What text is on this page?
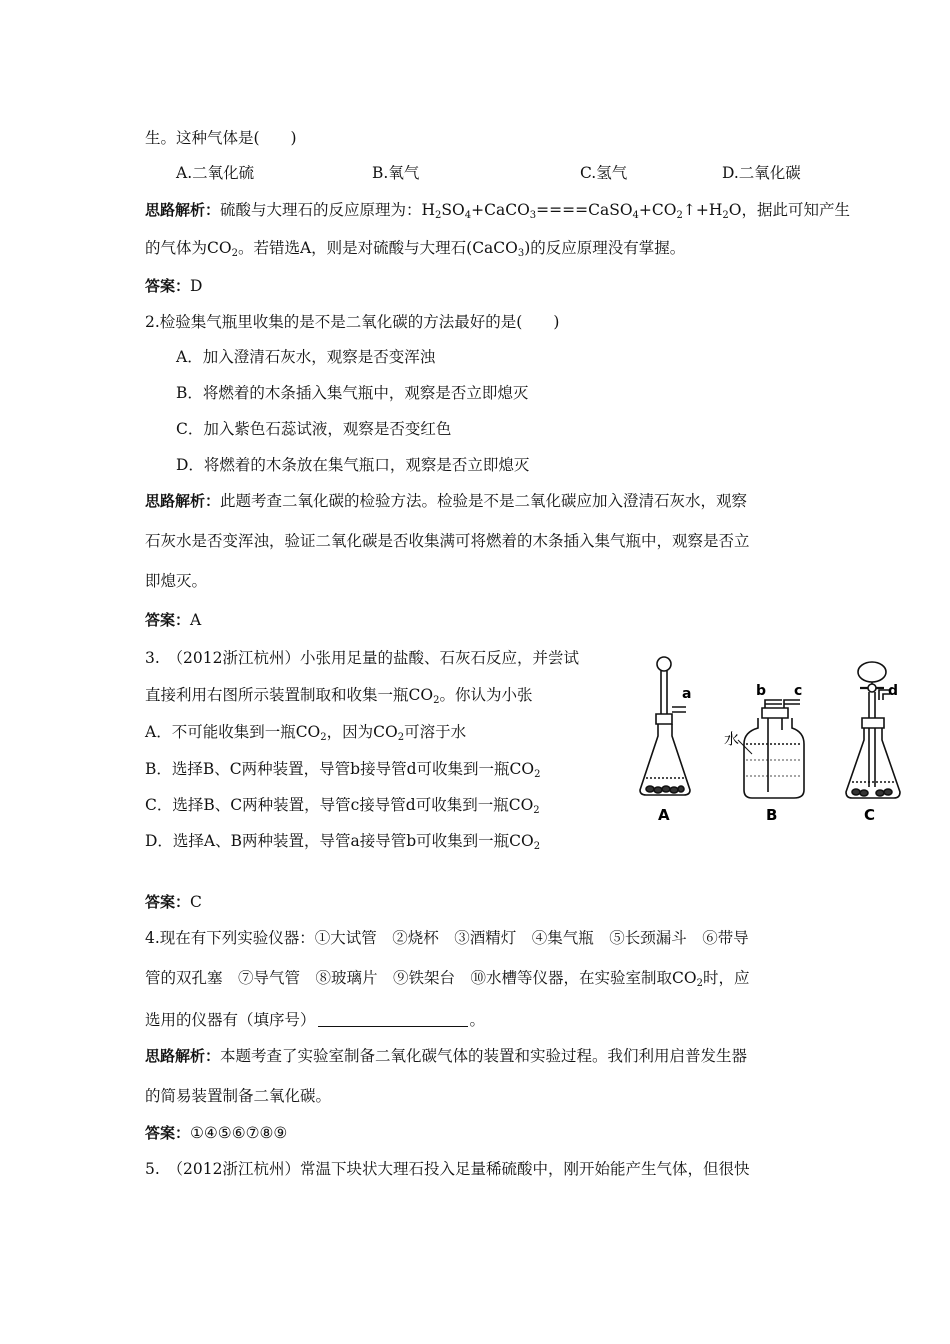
生。这种气体是(　　)
A.二氧化硫	B.氧气	C.氢气	D.二氧化碳
思路解析：硫酸与大理石的反应原理为：$H_2SO_4+CaCO_3====CaSO_4+CO_2↑+H_2O$，据此可知产生
的气体为$CO_2$。若错选A，则是对硫酸与大理石(CaCO$_3$)的反应原理没有掌握。
答案：D
2.检验集气瓶里收集的是不是二氧化碳的方法最好的是(　　)
A．加入澄清石灰水，观察是否变浑浊
B．将燃着的木条插入集气瓶中，观察是否立即熄灭
C．加入紫色石蕊试液，观察是否变红色
D．将燃着的木条放在集气瓶口，观察是否立即熄灭
思路解析：此题考查二氧化碳的检验方法。检验是不是二氧化碳应加入澄清石灰水，观察
石灰水是否变浑浊，验证二氧化碳是否收集满可将燃着的木条插入集气瓶中，观察是否立
即熄灭。
答案：A
3.　（2012浙江杭州）小张用足量的盐酸、石灰石反应，并尝试
直接利用右图所示装置制取和收集一瓶$CO_2$。你认为小张
A．不可能收集到一瓶$CO_2$，因为$CO_2$可溶于水
B．选择B、C两种装置，导管b接导管d可收集到一瓶$CO_2$
C．选择B、C两种装置，导管c接导管d可收集到一瓶$CO_2$
D．选择A、B两种装置，导管a接导管b可收集到一瓶$CO_2$
a
A
b c
水
B
d
C
答案：C
4.现在有下列实验仪器：①大试管　②烧杯　③酒精灯　④集气瓶　⑤长颈漏斗　⑥带导
管的双孔塞　⑦导气管　⑧玻璃片　⑨铁架台　⑩水槽等仪器，在实验室制取$CO_2$时，应
选用的仪器有（填序号）	。
思路解析：本题考查了实验室制备二氧化碳气体的装置和实验过程。我们利用启普发生器
的简易装置制备二氧化碳。
答案：①④⑤⑥⑦⑧⑨
5.　（2012浙江杭州）常温下块状大理石投入足量稀硫酸中，刚开始能产生气体，但很快
